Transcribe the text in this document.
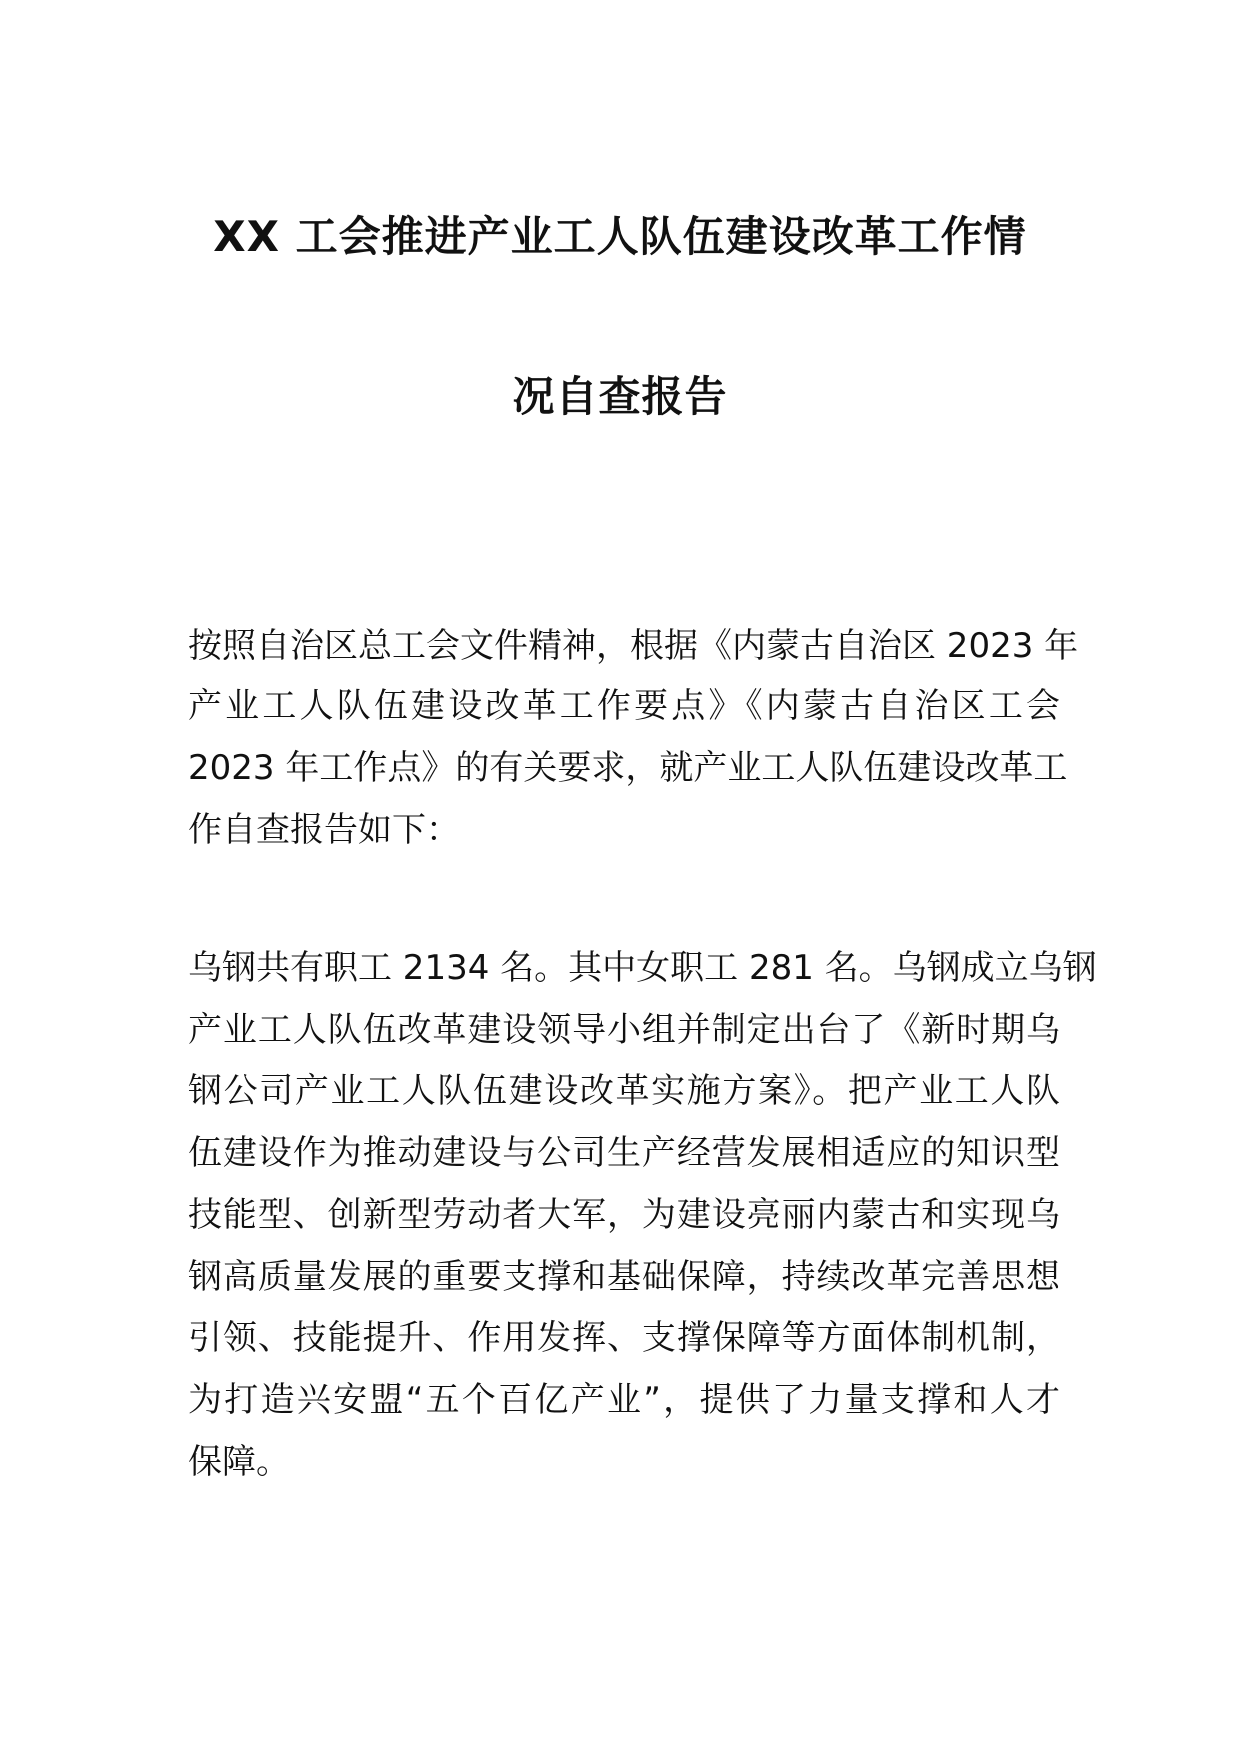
XX 工会推进产业工人队伍建设改革工作情
况自查报告
按照自治区总工会文件精神，根据《内蒙古自治区 2023 年
产业工人队伍建设改革工作要点》《内蒙古自治区工会
2023 年工作点》的有关要求，就产业工人队伍建设改革工
作自查报告如下：
乌钢共有职工 2134 名。其中女职工 281 名。乌钢成立乌钢
产业工人队伍改革建设领导小组并制定出台了《新时期乌
钢公司产业工人队伍建设改革实施方案》。把产业工人队
伍建设作为推动建设与公司生产经营发展相适应的知识型
技能型、创新型劳动者大军，为建设亮丽内蒙古和实现乌
钢高质量发展的重要支撑和基础保障，持续改革完善思想
引领、技能提升、作用发挥、支撑保障等方面体制机制，
为打造兴安盟“五个百亿产业”，提供了力量支撑和人才
保障。
